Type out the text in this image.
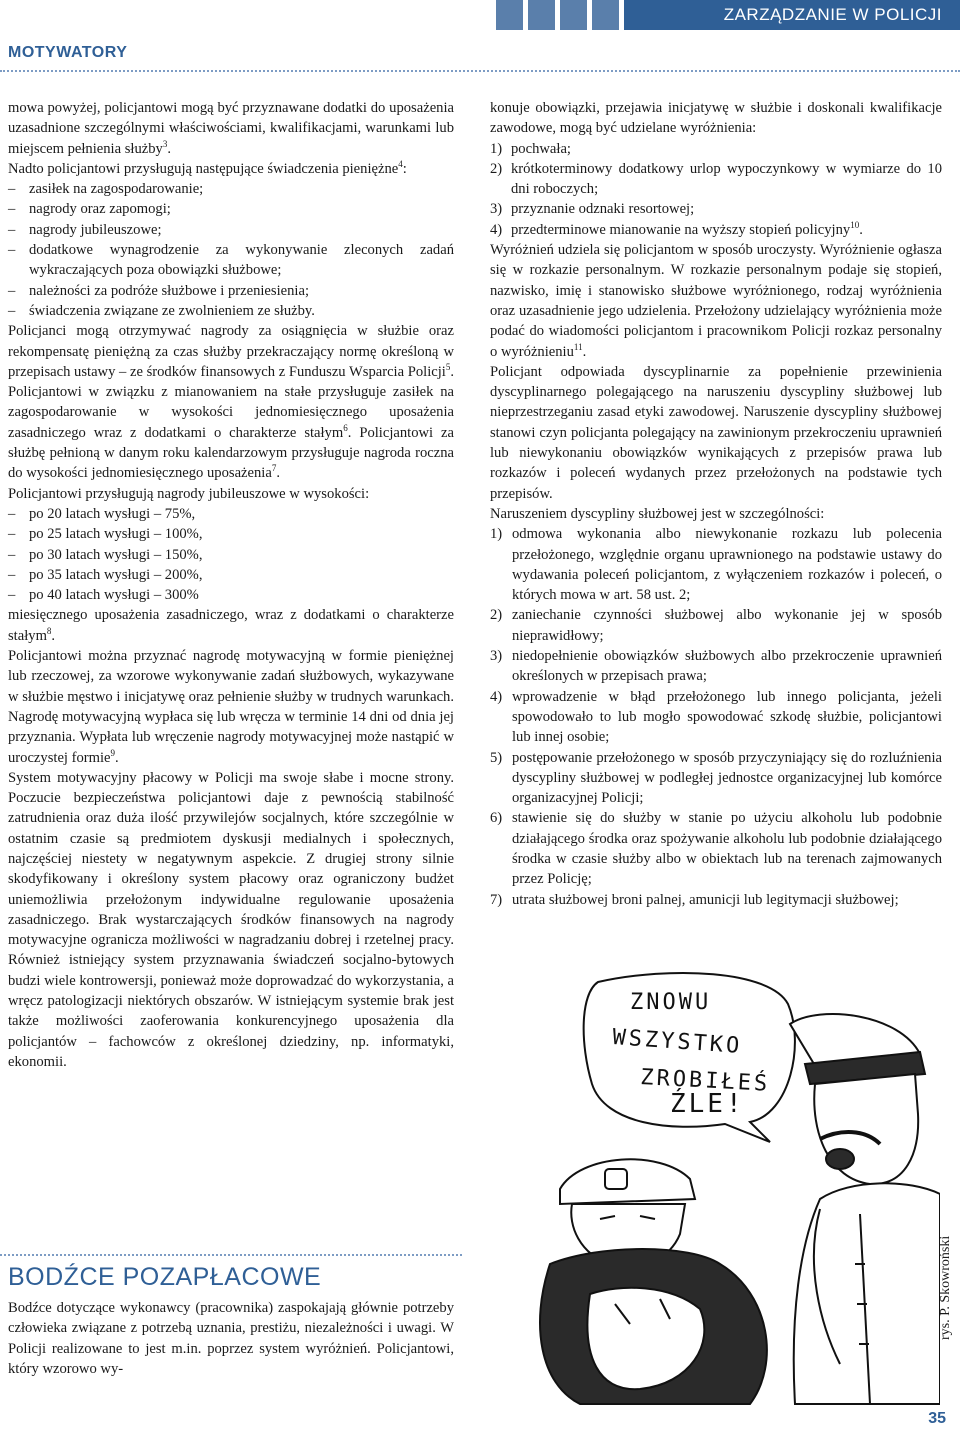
ZARZĄDZANIE W POLICJI
MOTYWATORY

mowa powyżej, policjantowi mogą być przyznawane dodatki do uposażenia uzasadnione szczególnymi właściwościami, kwalifikacjami, warunkami lub miejscem pełnienia służby$^3$.

Nadto policjantowi przysługują następujące świadczenia pieniężne$^4$:

– zasiłek na zagospodarowanie;
– nagrody oraz zapomogi;
– nagrody jubileuszowe;
– dodatkowe wynagrodzenie za wykonywanie zleconych zadań wykraczających poza obowiązki służbowe;
– należności za podróże służbowe i przeniesienia;
– świadczenia związane ze zwolnieniem ze służby.

Policjanci mogą otrzymywać nagrody za osiągnięcia w służbie oraz rekompensatę pieniężną za czas służby przekraczający normę określoną w przepisach ustawy – ze środków finansowych z Funduszu Wsparcia Policji$^5$.

Policjantowi w związku z mianowaniem na stałe przysługuje zasiłek na zagospodarowanie w wysokości jednomiesięcznego uposażenia zasadniczego wraz z dodatkami o charakterze stałym$^6$. Policjantowi za służbę pełnioną w danym roku kalendarzowym przysługuje nagroda roczna do wysokości jednomiesięcznego uposażenia$^7$.

Policjantowi przysługują nagrody jubileuszowe w wysokości:

– po 20 latach wysługi – 75%,
– po 25 latach wysługi – 100%,
– po 30 latach wysługi – 150%,
– po 35 latach wysługi – 200%,
– po 40 latach wysługi – 300%

miesięcznego uposażenia zasadniczego, wraz z dodatkami o charakterze stałym$^8$.

Policjantowi można przyznać nagrodę motywacyjną w formie pieniężnej lub rzeczowej, za wzorowe wykonywanie zadań służbowych, wykazywane w służbie męstwo i inicjatywę oraz pełnienie służby w trudnych warunkach. Nagrodę motywacyjną wypłaca się lub wręcza w terminie 14 dni od dnia jej przyznania. Wypłata lub wręczenie nagrody motywacyjnej może nastąpić w uroczystej formie$^9$.

System motywacyjny płacowy w Policji ma swoje słabe i mocne strony. Poczucie bezpieczeństwa policjantowi daje z pewnością stabilność zatrudnienia oraz duża ilość przywilejów socjalnych, które szczególnie w ostatnim czasie są predmiotem dyskusji medialnych i społecznych, najczęściej niestety w negatywnym aspekcie. Z drugiej strony silnie skodyfikowany i określony system płacowy oraz ograniczony budżet uniemożliwia przełożonym indywidualne regulowanie uposażenia zasadniczego. Brak wystarczających środków finansowych na nagrody motywacyjne ogranicza możliwości w nagradzaniu dobrej i rzetelnej pracy. Również istniejący system przyznawania świadczeń socjalno-bytowych budzi wiele kontrowersji, ponieważ może doprowadzać do wykorzystania, a wręcz patologizacji niektórych obszarów. W istniejącym systemie brak jest także możliwości zaoferowania konkurencyjnego uposażenia dla policjantów – fachowców z określonej dziedziny, np. informatyki, ekonomii.

BODŹCE POZAPŁACOWE
Bodźce dotyczące wykonawcy (pracownika) zaspokajają głównie potrzeby człowieka związane z potrzebą uznania, prestiżu, niezależności i uwagi. W Policji realizowane to jest m.in. poprzez system wyróżnień. Policjantowi, który wzorowo wy-

konuje obowiązki, przejawia inicjatywę w służbie i doskonali kwalifikacje zawodowe, mogą być udzielane wyróżnienia:

1) pochwała;
2) krótkoterminowy dodatkowy urlop wypoczynkowy w wymiarze do 10 dni roboczych;
3) przyznanie odznaki resortowej;
4) przedterminowe mianowanie na wyższy stopień policyjny$^{10}$.

Wyróżnień udziela się policjantom w sposób uroczysty. Wyróżnienie ogłasza się w rozkazie personalnym. W rozkazie personalnym podaje się stopień, nazwisko, imię i stanowisko służbowe wyróżnionego, rodzaj wyróżnienia oraz uzasadnienie jego udzielenia. Przełożony udzielający wyróżnienia może podać do wiadomości policjantom i pracownikom Policji rozkaz personalny o wyróżnieniu$^{11}$.

Policjant odpowiada dyscyplinarnie za popełnienie przewinienia dyscyplinarnego polegającego na naruszeniu dyscypliny służbowej lub nieprzestrzeganiu zasad etyki zawodowej. Naruszenie dyscypliny służbowej stanowi czyn policjanta polegający na zawinionym przekroczeniu uprawnień lub niewykonaniu obowiązków wynikających z przepisów prawa lub rozkazów i poleceń wydanych przez przełożonych na podstawie tych przepisów.

Naruszeniem dyscypliny służbowej jest w szczególności:

1) odmowa wykonania albo niewykonanie rozkazu lub polecenia przełożonego, względnie organu uprawnionego na podstawie ustawy do wydawania poleceń policjantom, z wyłączeniem rozkazów i poleceń, o których mowa w art. 58 ust. 2;
2) zaniechanie czynności służbowej albo wykonanie jej w sposób nieprawidłowy;
3) niedopełnienie obowiązków służbowych albo przekroczenie uprawnień określonych w przepisach prawa;
4) wprowadzenie w błąd przełożonego lub innego policjanta, jeżeli spowodowało to lub mogło spowodować szkodę służbie, policjantowi lub innej osobie;
5) postępowanie przełożonego w sposób przyczyniający się do rozluźnienia dyscypliny służbowej w podległej jednostce organizacyjnej lub komórce organizacyjnej Policji;
6) stawienie się do służby w stanie po użyciu alkoholu lub podobnie działającego środka oraz spożywanie alkoholu lub podobnie działającego środka w czasie służby albo w obiektach lub na terenach zajmowanych przez Policję;
7) utrata służbowej broni palnej, amunicji lub legitymacji służbowej;
ZNOWU
WSZYSTKO
ZROBIŁEŚ
ŹLE!
rys. P. Skowroński
35
